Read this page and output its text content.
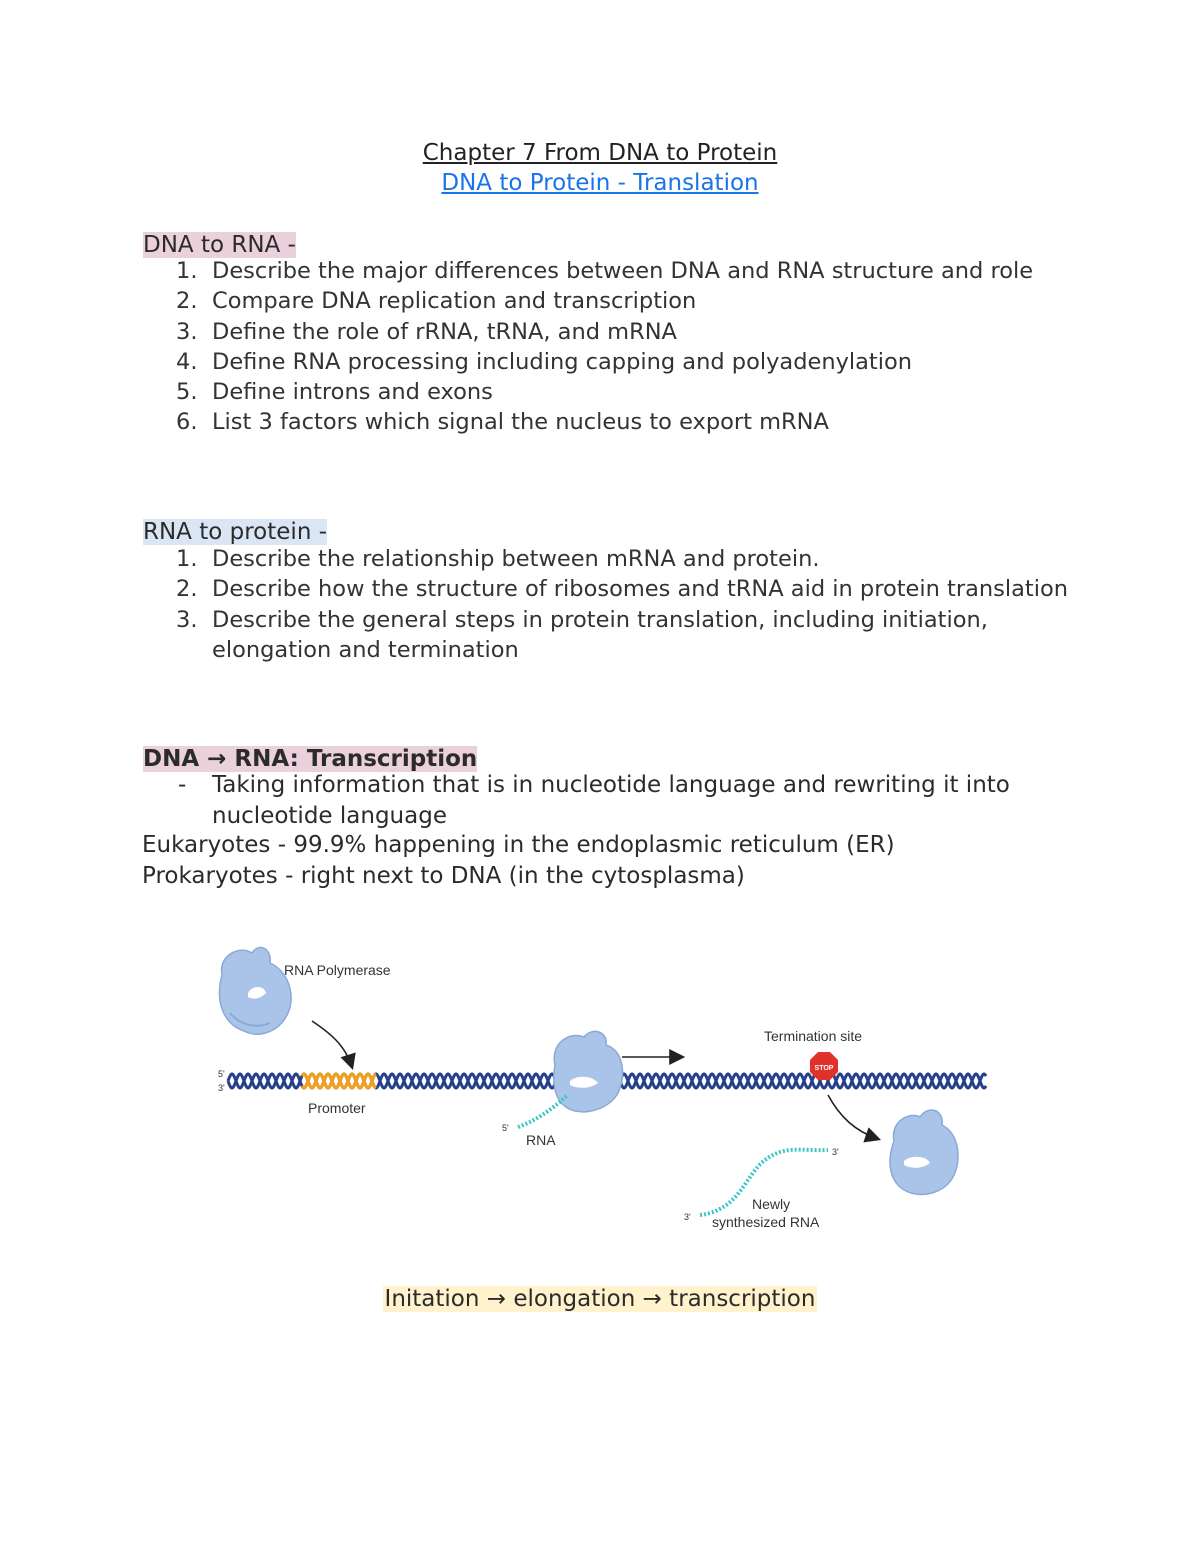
Chapter 7 From DNA to Protein
DNA to Protein - Translation
DNA to RNA -
1. Describe the major differences between DNA and RNA structure and role
2. Compare DNA replication and transcription
3. Define the role of rRNA, tRNA, and mRNA
4. Define RNA processing including capping and polyadenylation
5. Define introns and exons
6. List 3 factors which signal the nucleus to export mRNA
RNA to protein -
1. Describe the relationship between mRNA and protein.
2. Describe how the structure of ribosomes and tRNA aid in protein translation
3. Describe the general steps in protein translation, including initiation, elongation and termination
DNA → RNA: Transcription
- Taking information that is in nucleotide language and rewriting it into nucleotide language
Eukaryotes - 99.9% happening in the endoplasmic reticulum (ER)
Prokaryotes - right next to DNA (in the cytosplasma)
RNA Polymerase
Promoter
5'
3'
5'
RNA
Termination site
STOP
3'
3'
Newly
synthesized RNA
Initation → elongation → transcription
